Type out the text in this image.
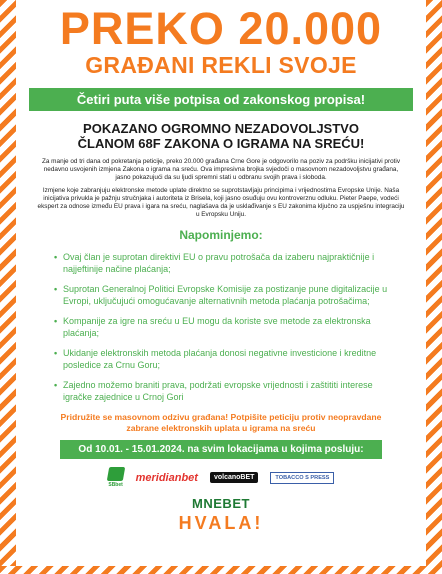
PREKO 20.000
GRAĐANI REKLI SVOJE
Četiri puta više potpisa od zakonskog propisa!
POKAZANO OGROMNO NEZADOVOLJSTVO
ČLANOM 68F ZAKONA O IGRAMA NA SREĆU!

Za manje od tri dana od pokretanja peticije, preko 20.000 građana Crne Gore je odgovorilo na poziv za podršku inicijativi protiv nedavno usvojenih izmjena Zakona o igrama na sreću. Ova impresivna brojka svjedoči o masovnom nezadovoljstvu građana, jasno pokazujući da su ljudi spremni stati u odbranu svojih prava i sloboda.

Izmjene koje zabranjuju elektronske metode uplate direktno se suprotstavljaju principima i vrijednostima Evropske Unije. Naša inicijativa privukla je pažnju stručnjaka i autoriteta iz Brisela, koji jasno osuđuju ovu kontroverznu odluku. Pieter Paepe, vodeći ekspert za odnose između EU prava i igara na sreću, naglašava da je usklađivanje s EU zakonima ključno za uspješnu integraciju u Evropsku Uniju.

Napominjemo:
• Ovaj član je suprotan direktivi EU o pravu potrošača da izaberu najpraktičnije i najjeftinije načine plaćanja;
• Suprotan Generalnoj Politici Evropske Komisije za postizanje pune digitalizacije u Evropi, uključujući omogućavanje alternativnih metoda plaćanja potrošačima;
• Kompanije za igre na sreću u EU mogu da koriste sve metode za elektronska plaćanja;
• Ukidanje elektronskih metoda plaćanja donosi negativne investicione i kreditne posledice za Crnu Goru;
• Zajedno možemo braniti prava, podržati evropske vrijednosti i zaštititi interese igračke zajednice u Crnoj Gori
Pridružite se masovnom odzivu građana! Potpišite peticiju protiv neopravdane zabrane elektronskih uplata u igrama na sreću
Od 10.01. - 15.01.2024. na svim lokacijama u kojima posluju:
SBbet
meridianbet	volcanoBET	TOBACCO S PRESS
MNEBET
HVALA!
